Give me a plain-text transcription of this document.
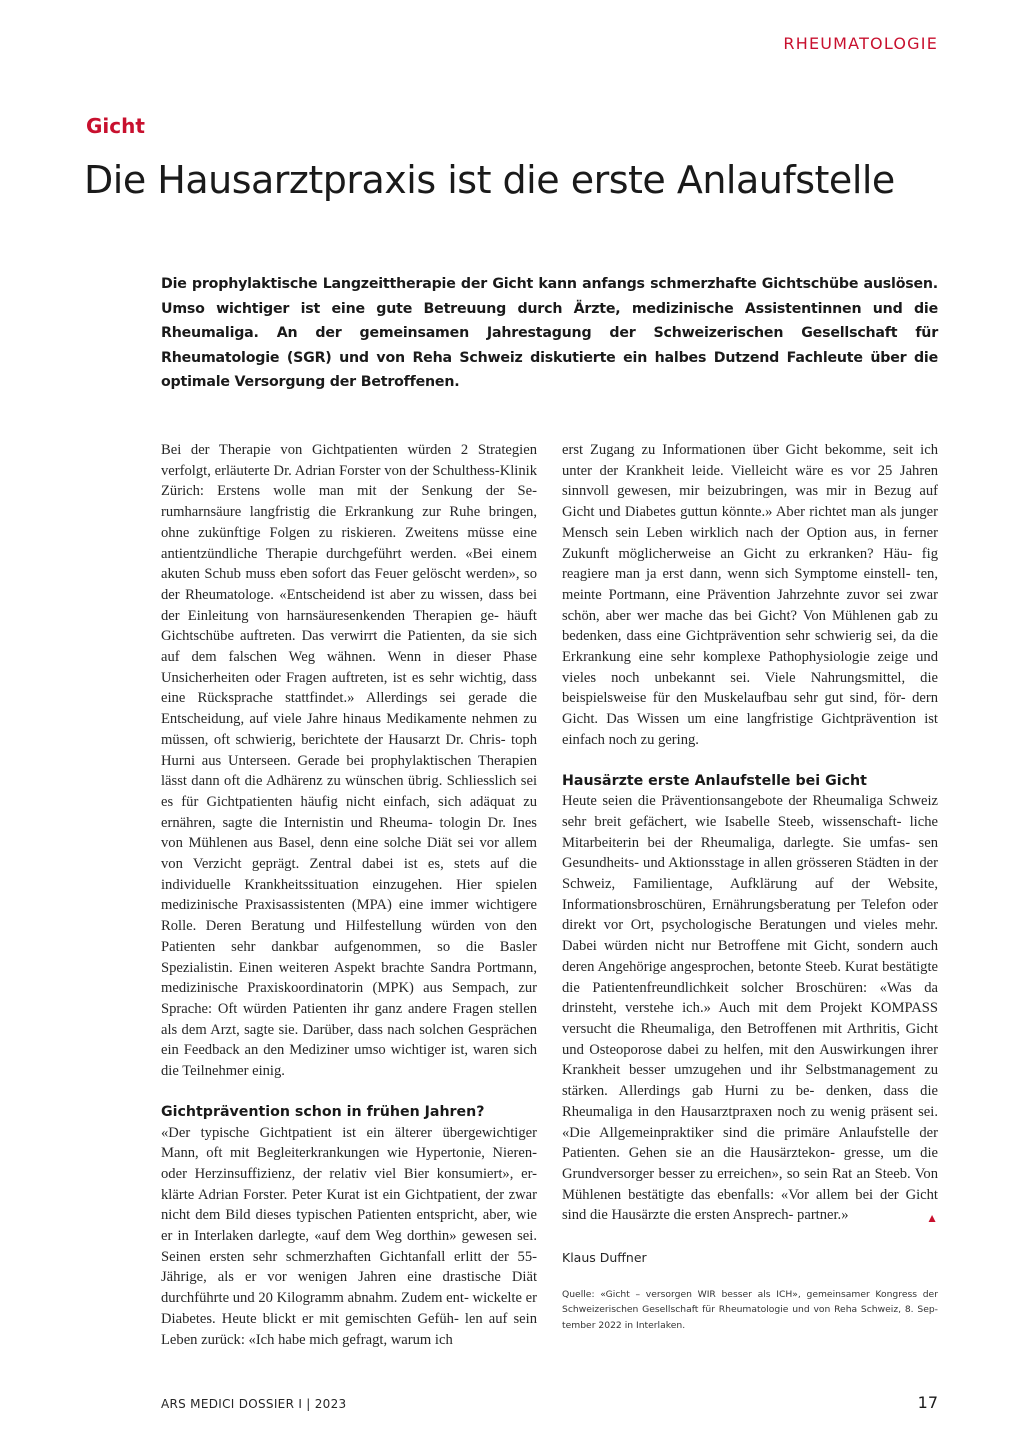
RHEUMATOLOGIE
Gicht
Die Hausarztpraxis ist die erste Anlaufstelle

Die prophylaktische Langzeittherapie der Gicht kann anfangs schmerzhafte Gichtschübe auslösen. Umso wichtiger ist eine gute Betreuung durch Ärzte, medizinische Assistentinnen und die Rheumaliga. An der gemeinsamen Jahrestagung der Schweizerischen Gesellschaft für Rheumatologie (SGR) und von Reha Schweiz diskutierte ein halbes Dutzend Fachleute über die optimale Versorgung der Betroffenen.

Bei der Therapie von Gichtpatienten würden 2 Strategien verfolgt, erläuterte Dr. Adrian Forster von der Schulthess-Klinik Zürich: Erstens wolle man mit der Senkung der Se- rumharnsäure langfristig die Erkrankung zur Ruhe bringen, ohne zukünftige Folgen zu riskieren. Zweitens müsse eine antientzündliche Therapie durchgeführt werden. «Bei einem akuten Schub muss eben sofort das Feuer gelöscht werden», so der Rheumatologe. «Entscheidend ist aber zu wissen, dass bei der Einleitung von harnsäuresenkenden Therapien ge- häuft Gichtschübe auftreten. Das verwirrt die Patienten, da sie sich auf dem falschen Weg wähnen. Wenn in dieser Phase Unsicherheiten oder Fragen auftreten, ist es sehr wichtig, dass eine Rücksprache stattfindet.» Allerdings sei gerade die Entscheidung, auf viele Jahre hinaus Medikamente nehmen zu müssen, oft schwierig, berichtete der Hausarzt Dr. Chris- toph Hurni aus Unterseen. Gerade bei prophylaktischen Therapien lässt dann oft die Adhärenz zu wünschen übrig. Schliesslich sei es für Gichtpatienten häufig nicht einfach, sich adäquat zu ernähren, sagte die Internistin und Rheuma- tologin Dr. Ines von Mühlenen aus Basel, denn eine solche Diät sei vor allem von Verzicht geprägt. Zentral dabei ist es, stets auf die individuelle Krankheitssituation einzugehen. Hier spielen medizinische Praxisassistenten (MPA) eine immer wichtigere Rolle. Deren Beratung und Hilfestellung würden von den Patienten sehr dankbar aufgenommen, so die Basler Spezialistin. Einen weiteren Aspekt brachte Sandra Portmann, medizinische Praxiskoordinatorin (MPK) aus Sempach, zur Sprache: Oft würden Patienten ihr ganz andere Fragen stellen als dem Arzt, sagte sie. Darüber, dass nach solchen Gesprächen ein Feedback an den Mediziner umso wichtiger ist, waren sich die Teilnehmer einig.

Gichtprävention schon in frühen Jahren?

«Der typische Gichtpatient ist ein älterer übergewichtiger Mann, oft mit Begleiterkrankungen wie Hypertonie, Nieren- oder Herzinsuffizienz, der relativ viel Bier konsumiert», er- klärte Adrian Forster. Peter Kurat ist ein Gichtpatient, der zwar nicht dem Bild dieses typischen Patienten entspricht, aber, wie er in Interlaken darlegte, «auf dem Weg dorthin» gewesen sei. Seinen ersten sehr schmerzhaften Gichtanfall erlitt der 55-Jährige, als er vor wenigen Jahren eine drastische Diät durchführte und 20 Kilogramm abnahm. Zudem ent- wickelte er Diabetes. Heute blickt er mit gemischten Gefüh- len auf sein Leben zurück: «Ich habe mich gefragt, warum ich

erst Zugang zu Informationen über Gicht bekomme, seit ich unter der Krankheit leide. Vielleicht wäre es vor 25 Jahren sinnvoll gewesen, mir beizubringen, was mir in Bezug auf Gicht und Diabetes guttun könnte.» Aber richtet man als junger Mensch sein Leben wirklich nach der Option aus, in ferner Zukunft möglicherweise an Gicht zu erkranken? Häu- fig reagiere man ja erst dann, wenn sich Symptome einstell- ten, meinte Portmann, eine Prävention Jahrzehnte zuvor sei zwar schön, aber wer mache das bei Gicht? Von Mühlenen gab zu bedenken, dass eine Gichtprävention sehr schwierig sei, da die Erkrankung eine sehr komplexe Pathophysiologie zeige und vieles noch unbekannt sei. Viele Nahrungsmittel, die beispielsweise für den Muskelaufbau sehr gut sind, för- dern Gicht. Das Wissen um eine langfristige Gichtprävention ist einfach noch zu gering.

Hausärzte erste Anlaufstelle bei Gicht

Heute seien die Präventionsangebote der Rheumaliga Schweiz sehr breit gefächert, wie Isabelle Steeb, wissenschaft- liche Mitarbeiterin bei der Rheumaliga, darlegte. Sie umfas- sen Gesundheits- und Aktionsstage in allen grösseren Städten in der Schweiz, Familientage, Aufklärung auf der Website, Informationsbroschüren, Ernährungsberatung per Telefon oder direkt vor Ort, psychologische Beratungen und vieles mehr. Dabei würden nicht nur Betroffene mit Gicht, sondern auch deren Angehörige angesprochen, betonte Steeb. Kurat bestätigte die Patientenfreundlichkeit solcher Broschüren: «Was da drinsteht, verstehe ich.» Auch mit dem Projekt KOMPASS versucht die Rheumaliga, den Betroffenen mit Arthritis, Gicht und Osteoporose dabei zu helfen, mit den Auswirkungen ihrer Krankheit besser umzugehen und ihr Selbstmanagement zu stärken. Allerdings gab Hurni zu be- denken, dass die Rheumaliga in den Hausarztpraxen noch zu wenig präsent sei. «Die Allgemeinpraktiker sind die primäre Anlaufstelle der Patienten. Gehen sie an die Hausärztekon- gresse, um die Grundversorger besser zu erreichen», so sein Rat an Steeb. Von Mühlenen bestätigte das ebenfalls: «Vor allem bei der Gicht sind die Hausärzte die ersten Ansprech- partner.»	▲

Klaus Duffner

Quelle: «Gicht – versorgen WIR besser als ICH», gemeinsamer Kongress der Schweizerischen Gesellschaft für Rheumatologie und von Reha Schweiz, 8. Sep- tember 2022 in Interlaken.

ARS MEDICI DOSSIER I | 2023	17
